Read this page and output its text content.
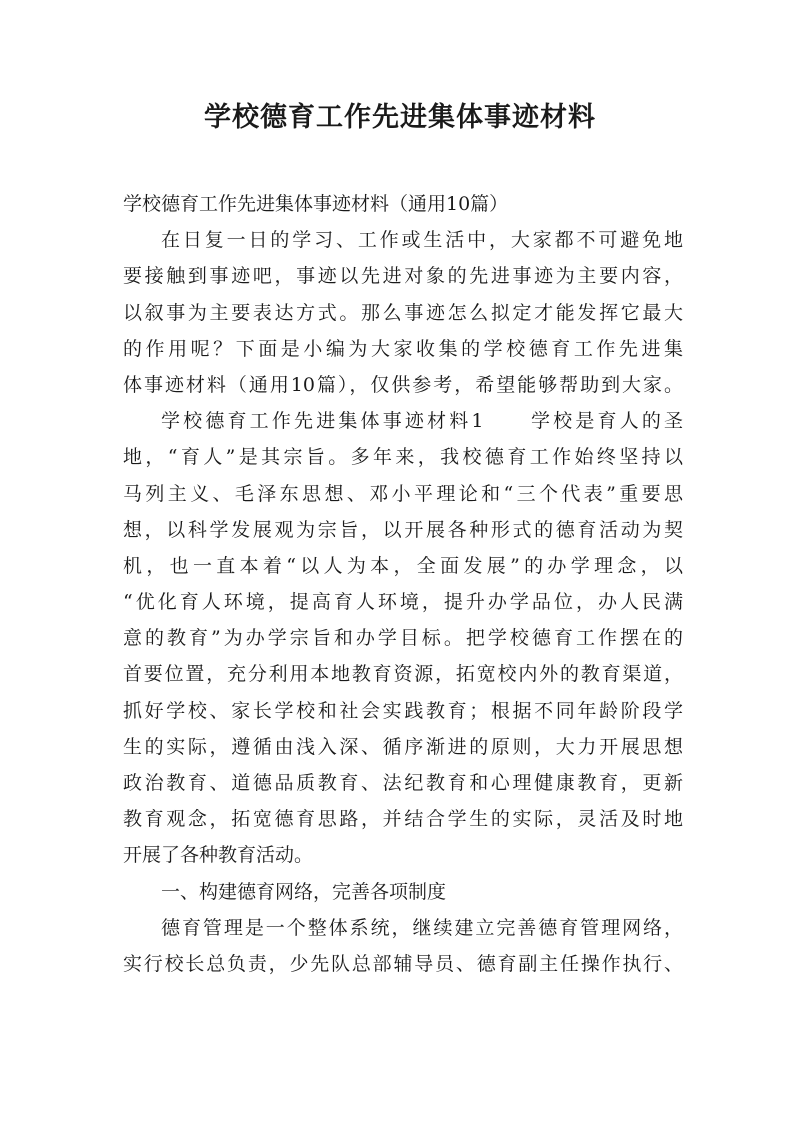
学校德育工作先进集体事迹材料
学校德育工作先进集体事迹材料（通用10篇）
在日复一日的学习、工作或生活中，大家都不可避免地
要接触到事迹吧，事迹以先进对象的先进事迹为主要内容，
以叙事为主要表达方式。那么事迹怎么拟定才能发挥它最大
的作用呢？下面是小编为大家收集的学校德育工作先进集
体事迹材料（通用10篇），仅供参考，希望能够帮助到大家。
学校德育工作先进集体事迹材料1　　学校是育人的圣
地，“育人”是其宗旨。多年来，我校德育工作始终坚持以
马列主义、毛泽东思想、邓小平理论和“三个代表”重要思
想，以科学发展观为宗旨，以开展各种形式的德育活动为契
机，也一直本着“以人为本，全面发展”的办学理念，以
“优化育人环境，提高育人环境，提升办学品位，办人民满
意的教育”为办学宗旨和办学目标。把学校德育工作摆在的
首要位置，充分利用本地教育资源，拓宽校内外的教育渠道，
抓好学校、家长学校和社会实践教育；根据不同年龄阶段学
生的实际，遵循由浅入深、循序渐进的原则，大力开展思想
政治教育、道德品质教育、法纪教育和心理健康教育，更新
教育观念，拓宽德育思路，并结合学生的实际，灵活及时地
开展了各种教育活动。
一、构建德育网络，完善各项制度
德育管理是一个整体系统，继续建立完善德育管理网络，
实行校长总负责，少先队总部辅导员、德育副主任操作执行、
